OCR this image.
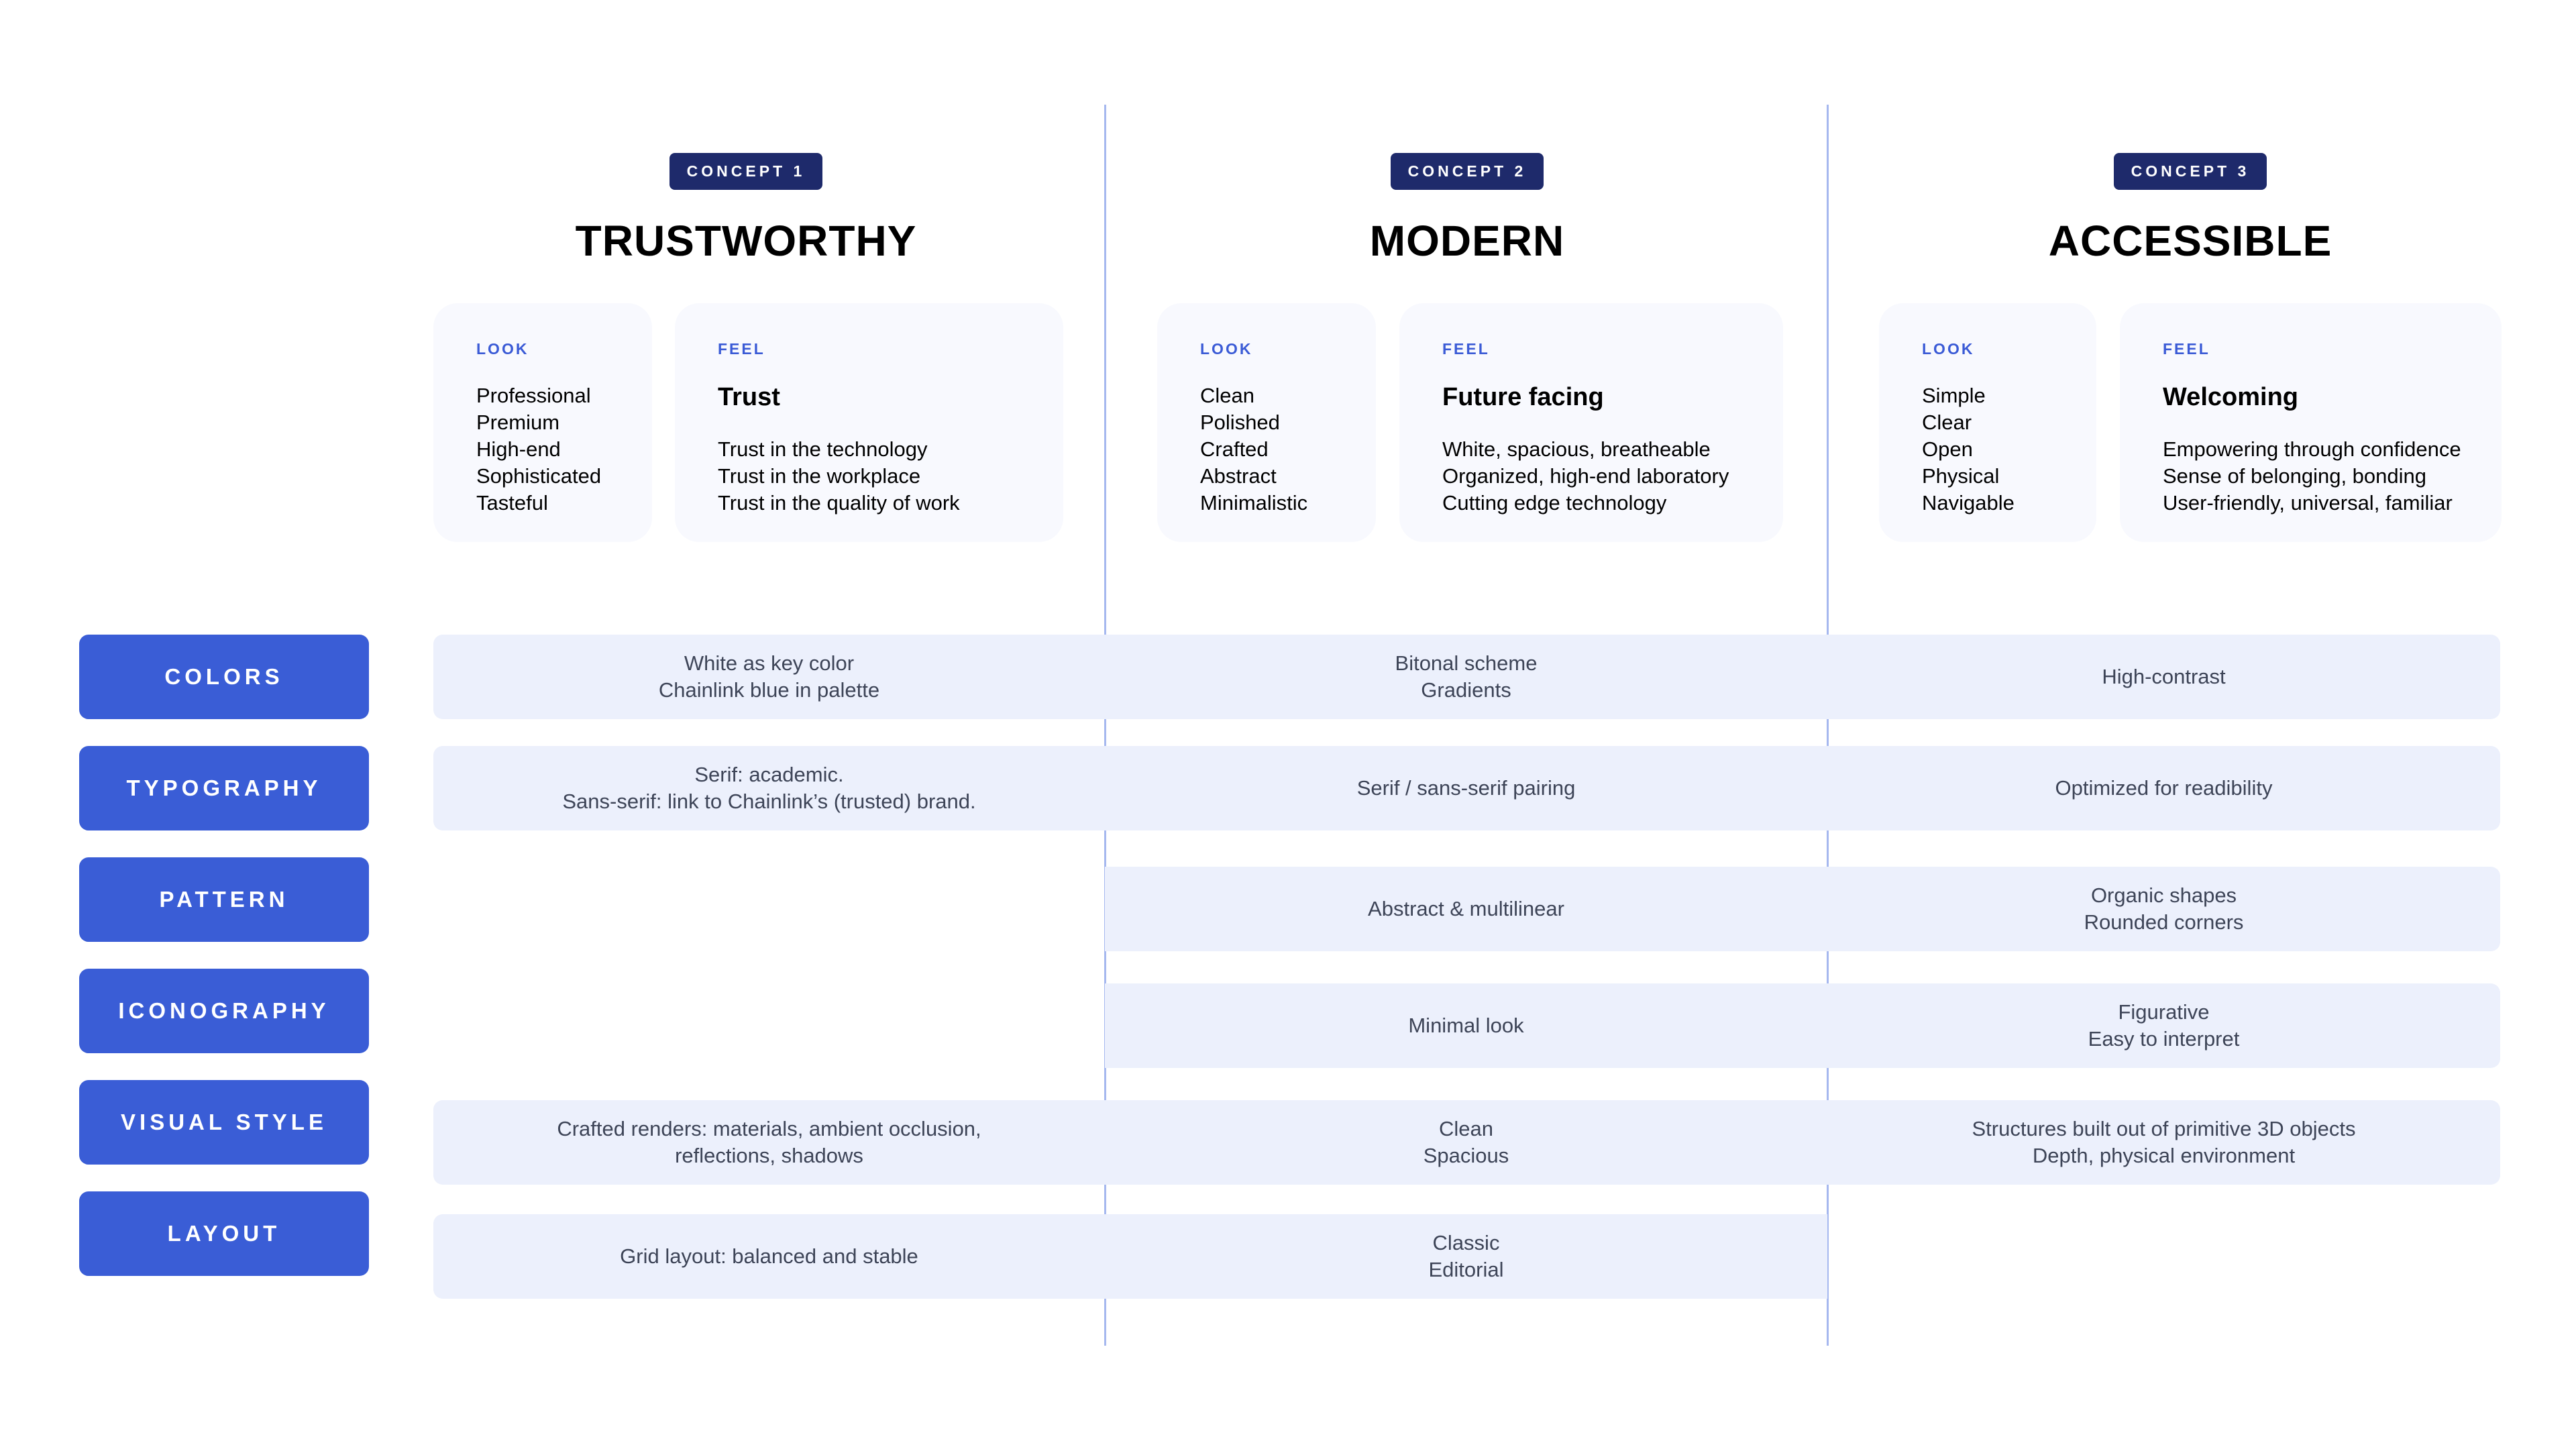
CONCEPT 1
TRUSTWORTHY
CONCEPT 2
MODERN
CONCEPT 3
ACCESSIBLE
LOOK
Professional
Premium
High-end
Sophisticated
Tasteful
FEEL
Trust
Trust in the technology
Trust in the workplace
Trust in the quality of work
LOOK
Clean
Polished
Crafted
Abstract
Minimalistic
FEEL
Future facing
White, spacious, breatheable
Organized, high-end laboratory
Cutting edge technology
LOOK
Simple
Clear
Open
Physical
Navigable
FEEL
Welcoming
Empowering through confidence
Sense of belonging, bonding
User-friendly, universal, familiar
COLORS
TYPOGRAPHY
PATTERN
ICONOGRAPHY
VISUAL STYLE
LAYOUT
White as key color
Chainlink blue in palette
Bitonal scheme
Gradients
High-contrast
Serif: academic.
Sans-serif: link to Chainlink’s (trusted) brand.
Serif / sans-serif pairing	Optimized for readibility
Abstract & multilinear
Organic shapes
Rounded corners
Minimal look
Figurative
Easy to interpret
Crafted renders: materials, ambient occlusion,
reflections, shadows
Clean
Spacious
Structures built out of primitive 3D objects
Depth, physical environment
Grid layout: balanced and stable
Classic
Editorial
